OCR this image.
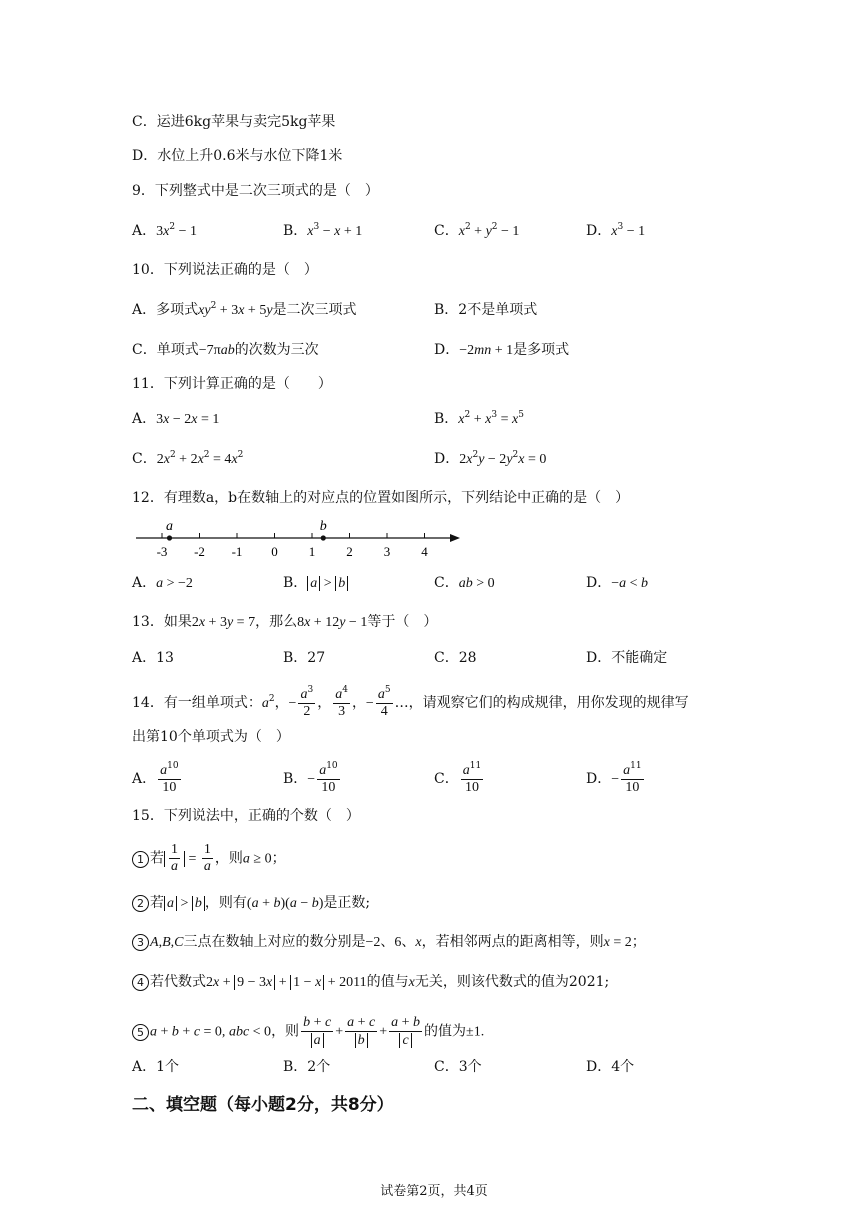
C．运进6kg苹果与卖完5kg苹果
D．水位上升0.6米与水位下降1米
9．下列整式中是二次三项式的是（　）
A．$3x^2 - 1$	B．$x^3 - x + 1$	C．$x^2 + y^2 - 1$	D．$x^3 - 1$
10．下列说法正确的是（　）
A．多项式$xy^2 + 3x + 5y$是二次三项式	B．2不是单项式
C．单项式−7πab的次数为三次	D．−2mn + 1是多项式
11．下列计算正确的是（　　）
A．3x − 2x = 1	B．$x^2 + x^3 = x^5$
C．$2x^2 + 2x^2 = 4x^2$	D．$2x^2y - 2y^2x = 0$
12．有理数a，b在数轴上的对应点的位置如图所示，下列结论中正确的是（　）
-3 -2 -1 0 1 2 3 4
a	b
A．a > −2	B． a > b	C．ab > 0	D．−a < b
13．如果2x + 3y = 7，那么8x + 12y − 1等于（　）
A．13	B．27	C．28	D．不能确定
14．有一组单项式：$a^2$，− $\frac{a^3}{2}$ ， $\frac{a^4}{3}$ ，− $\frac{a^5}{4}$ …，请观察它们的构成规律，用你发现的规律写
出第10个单项式为（　）
A． $\frac{a^{10}}{10}$	B．− $\frac{a^{10}}{10}$	C． $\frac{a^{11}}{10}$	D．− $\frac{a^{11}}{10}$
15．下列说法中，正确的个数（　）
1 若 $\frac{1}{a} = \frac{1}{a}$ ，则a ≥ 0；
2 若 a > b ，则有(a + b)(a − b)是正数;
3 A,B,C三点在数轴上对应的数分别是−2、6、x，若相邻两点的距离相等，则x = 2；
4 若代数式2x + 9 − 3x + 1 − x + 2011的值与x无关，则该代数式的值为2021;
5 a + b + c = 0, abc < 0，则 $\frac{b + c}{a} + \frac{a + c}{b} + \frac{a + b}{c}$ 的值为±1.
A．1个	B．2个	C．3个	D．4个
二、填空题（每小题2分，共8分）
试卷第2页，共4页
